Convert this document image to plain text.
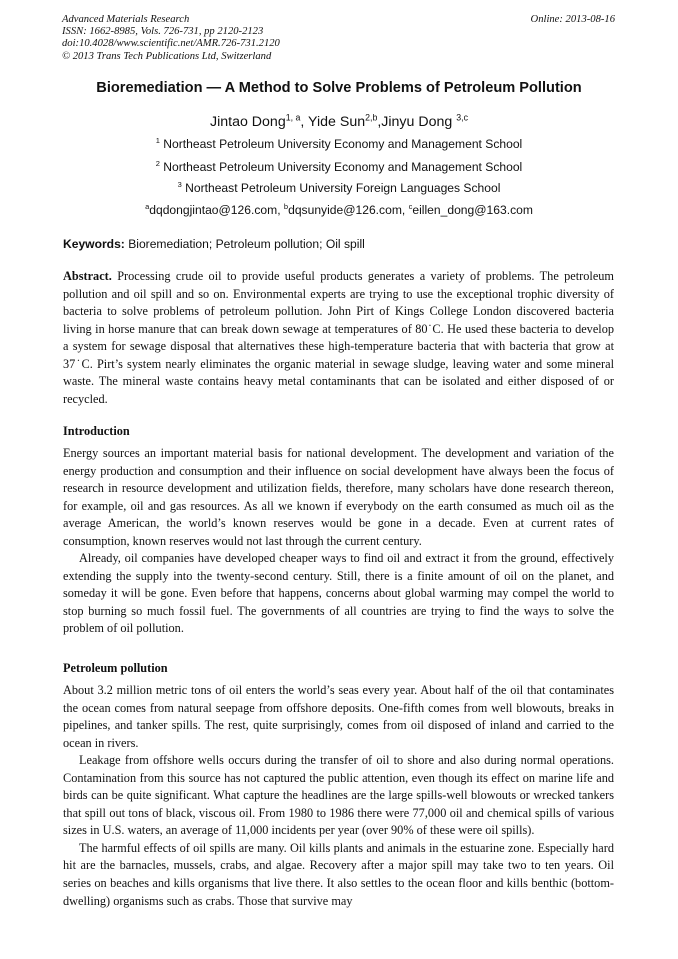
Advanced Materials Research
ISSN: 1662-8985, Vols. 726-731, pp 2120-2123
doi:10.4028/www.scientific.net/AMR.726-731.2120
© 2013 Trans Tech Publications Ltd, Switzerland
Online: 2013-08-16
Bioremediation — A Method to Solve Problems of Petroleum Pollution
Jintao Dong$^{1, a}$, Yide Sun$^{2,b}$,Jinyu Dong $^{3,c}$
$^1$ Northeast Petroleum University Economy and Management School
$^2$ Northeast Petroleum University Economy and Management School
$^3$ Northeast Petroleum University Foreign Languages School
$^a$dqdongjintao@126.com, $^b$dqsunyide@126.com, $^c$eillen_dong@163.com
Keywords: Bioremediation; Petroleum pollution; Oil spill

Abstract. Processing crude oil to provide useful products generates a variety of problems. The petroleum pollution and oil spill and so on. Environmental experts are trying to use the exceptional trophic diversity of bacteria to solve problems of petroleum pollution. John Pirt of Kings College London discovered bacteria living in horse manure that can break down sewage at temperatures of 80˙C. He used these bacteria to develop a system for sewage disposal that alternatives these high-temperature bacteria that with bacteria that grow at 37˙C. Pirt’s system nearly eliminates the organic material in sewage sludge, leaving water and some mineral waste. The mineral waste contains heavy metal contaminants that can be isolated and either disposed of or recycled.

Introduction

Energy sources an important material basis for national development. The development and variation of the energy production and consumption and their influence on social development have always been the focus of research in resource development and utilization fields, therefore, many scholars have done research thereon, for example, oil and gas resources. As all we known if everybody on the earth consumed as much oil as the average American, the world’s known reserves would be gone in a decade. Even at current rates of consumption, known reserves would not last through the current century.

Already, oil companies have developed cheaper ways to find oil and extract it from the ground, effectively extending the supply into the twenty-second century. Still, there is a finite amount of oil on the planet, and someday it will be gone. Even before that happens, concerns about global warming may compel the world to stop burning so much fossil fuel. The governments of all countries are trying to find the ways to solve the problem of oil pollution.

Petroleum pollution

About 3.2 million metric tons of oil enters the world’s seas every year. About half of the oil that contaminates the ocean comes from natural seepage from offshore deposits. One-fifth comes from well blowouts, breaks in pipelines, and tanker spills. The rest, quite surprisingly, comes from oil disposed of inland and carried to the ocean in rivers.

Leakage from offshore wells occurs during the transfer of oil to shore and also during normal operations. Contamination from this source has not captured the public attention, even though its effect on marine life and birds can be quite significant. What capture the headlines are the large spills-well blowouts or wrecked tankers that spill out tons of black, viscous oil. From 1980 to 1986 there were 77,000 oil and chemical spills of various sizes in U.S. waters, an average of 11,000 incidents per year (over 90% of these were oil spills).

The harmful effects of oil spills are many. Oil kills plants and animals in the estuarine zone. Especially hard hit are the barnacles, mussels, crabs, and algae. Recovery after a major spill may take two to ten years. Oil series on beaches and kills organisms that live there. It also settles to the ocean floor and kills benthic (bottom-dwelling) organisms such as crabs. Those that survive may
